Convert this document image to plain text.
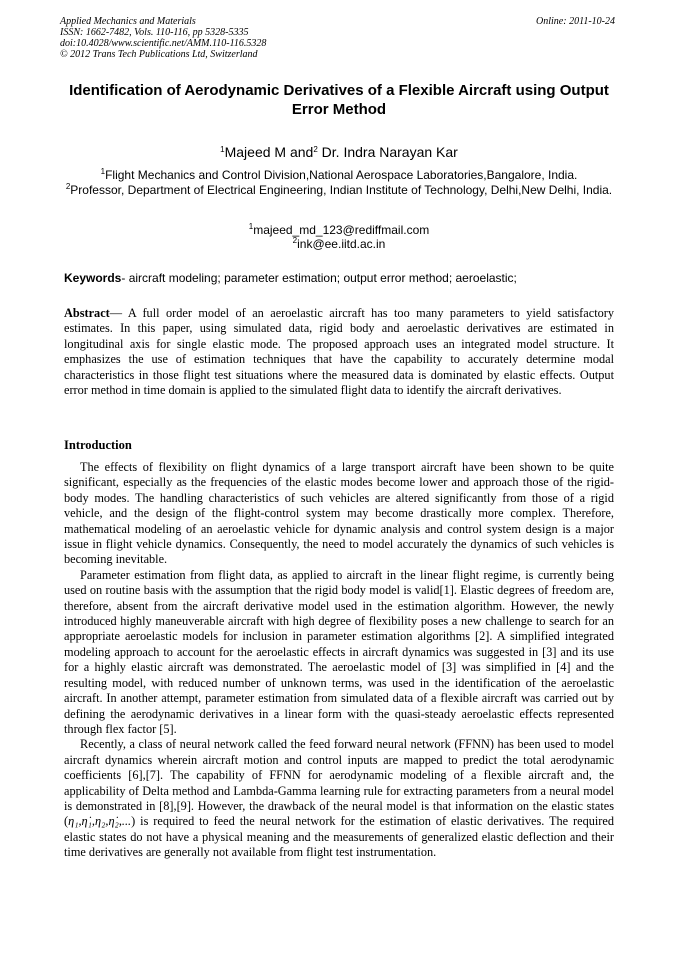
Applied Mechanics and Materials
ISSN: 1662-7482, Vols. 110-116, pp 5328-5335
doi:10.4028/www.scientific.net/AMM.110-116.5328
© 2012 Trans Tech Publications Ltd, Switzerland
Online: 2011-10-24
Identification of Aerodynamic Derivatives of a Flexible Aircraft using Output Error Method
$^1$Majeed M and$^2$ Dr. Indra Narayan Kar
$^1$Flight Mechanics and Control Division,National Aerospace Laboratories,Bangalore, India.
$^2$Professor, Department of Electrical Engineering, Indian Institute of Technology, Delhi,New Delhi, India.
$^1$majeed_md_123@rediffmail.com
$^2$ink@ee.iitd.ac.in
Keywords- aircraft modeling; parameter estimation; output error method; aeroelastic;
Abstract— A full order model of an aeroelastic aircraft has too many parameters to yield satisfactory estimates. In this paper, using simulated data, rigid body and aeroelastic derivatives are estimated in longitudinal axis for single elastic mode. The proposed approach uses an integrated model structure. It emphasizes the use of estimation techniques that have the capability to accurately determine modal characteristics in those flight test situations where the measured data is dominated by elastic effects. Output error method in time domain is applied to the simulated flight data to identify the aircraft derivatives.
Introduction

The effects of flexibility on flight dynamics of a large transport aircraft have been shown to be quite significant, especially as the frequencies of the elastic modes become lower and approach those of the rigid-body modes. The handling characteristics of such vehicles are altered significantly from those of a rigid vehicle, and the design of the flight-control system may become drastically more complex. Therefore, mathematical modeling of an aeroelastic vehicle for dynamic analysis and control system design is a major issue in flight vehicle dynamics. Consequently, the need to model accurately the dynamics of such vehicles is becoming inevitable.

Parameter estimation from flight data, as applied to aircraft in the linear flight regime, is currently being used on routine basis with the assumption that the rigid body model is valid[1]. Elastic degrees of freedom are, therefore, absent from the aircraft derivative model used in the estimation algorithm. However, the newly introduced highly maneuverable aircraft with high degree of flexibility poses a new challenge to search for an appropriate aeroelastic models for inclusion in parameter estimation algorithms [2]. A simplified integrated modeling approach to account for the aeroelastic effects in aircraft dynamics was suggested in [3] and its use for a highly elastic aircraft was demonstrated. The aeroelastic model of [3] was simplified in [4] and the resulting model, with reduced number of unknown terms, was used in the identification of the aeroelastic aircraft. In another attempt, parameter estimation from simulated data of a flexible aircraft was carried out by defining the aerodynamic derivatives in a linear form with the quasi-steady aeroelastic effects represented through flex factor [5].

Recently, a class of neural network called the feed forward neural network (FFNN) has been used to model aircraft dynamics wherein aircraft motion and control inputs are mapped to predict the total aerodynamic coefficients [6],[7]. The capability of FFNN for aerodynamic modeling of a flexible aircraft and, the applicability of Delta method and Lambda-Gamma learning rule for extracting parameters from a neural model is demonstrated in [8],[9]. However, the drawback of the neural model is that information on the elastic states (η₁,η̇₁,η₂,η̇₂,...) is required to feed the neural network for the estimation of elastic derivatives. The required elastic states do not have a physical meaning and the measurements of generalized elastic deflection and their time derivatives are generally not available from flight test instrumentation.
